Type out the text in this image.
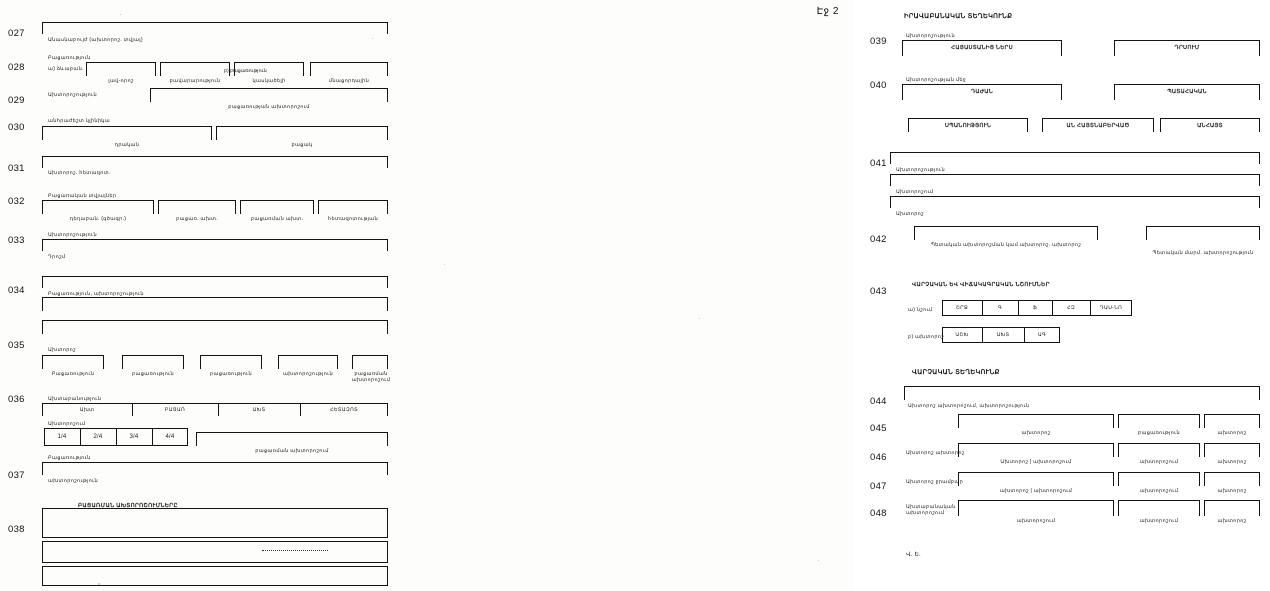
Էջ 2
027
Անասնաբույժ (ախտորոշ. տվյալ)
028
Բացառություն
ա) ձևաբան.
լավ-որոշ	բավարարություն	կասկածելի	մնացորդային
բ) բացառություն
029	Ախտորոշություն
բացառության ախտորոշում
030
անհրաժեշտ կլինիկա
դրական	բացակ
031	Ախտորոշ. հետազոտ.
032	Բացառական տվյալներ
դեղաբան. (գծագր.)	բացառ. ախտ.	բացառման ախտ.	հետազոտության
033	Ախտորոշություն
Դրոշմ
034	Բացառություն, ախտորոշություն
035	Ախտորոշ
Բացառություն	բացառություն	բացառություն	ախտորոշություն	բացառման ախտորոշում
036	Ախտաբանություն
Ախտ	ԲԱՑԱՌ	ԱԽՏ	ՀԵՏԱԶՈՏ
Ախտորոշում
1/4	2/4	3/4	4/4
բացառման ախտորոշում
Բացառություն
037	ախտորոշություն
ԲԱՑԱՌՄԱՆ ԱԽՏՈՐՈՇՈՒՄՆԵՐԸ
038
ԻՐԱՎԱԲԱՆԱԿԱՆ ՏԵՂԵԿՈՒՆՔ
039	Ախտորոշություն
ՀԱՅԱՍՏԱՆԻՑ ՆԵՐՍ	ԴՐՍՈՒՄ
040	Ախտորոշության մեջ
ԴԱԺԱՆ	ՊԱՏԱՀԱԿԱՆ
ՍՊԱՆՈՒԹՅՈՒՆ	ԱՆ ՀԱՅՏՆԱԲԵՐՎԱԾ	ԱՆՀԱՅՏ
041
Ախտորոշություն
Ախտորոշում
Ախտորոշ
042	Պետական ախտորոշման կամ ախտորոշ. ախտորոշ
Պետական մարմ. ախտորոշություն
043
ՎԱՐՉԱԿԱՆ ԵՎ ՎԻՃԱԿԱԳՐԱԿԱՆ ՆՇՈՒՄՆԵՐ
ա) նշում	ՇՐՋ	Գ	Ֆ	ՀԶ	ԴԱՍ-ՆՈ
բ) ախտորոշ	ԱՇԽ	ԱԽՏ	ԱԳ
ՎԱՐՉԱԿԱՆ ՏԵՂԵԿՈՒՆՔ
044	Ախտորոշ ախտորոշում, ախտորոշություն
045	ախտորոշ	բացառություն	ախտորոշ
046	Ախտորոշ ախտորոշ
Ախտորոշ | ախտորոշում	ախտորոշում	ախտորոշ
047	Ախտորոշ ջրամբար
ախտորոշ | ախտորոշում	ախտորոշում	ախտորոշ
048
Ախտաբանական ախտորոշում
ախտորոշում	ախտորոշում	ախտորոշ
Վ. Ե.
